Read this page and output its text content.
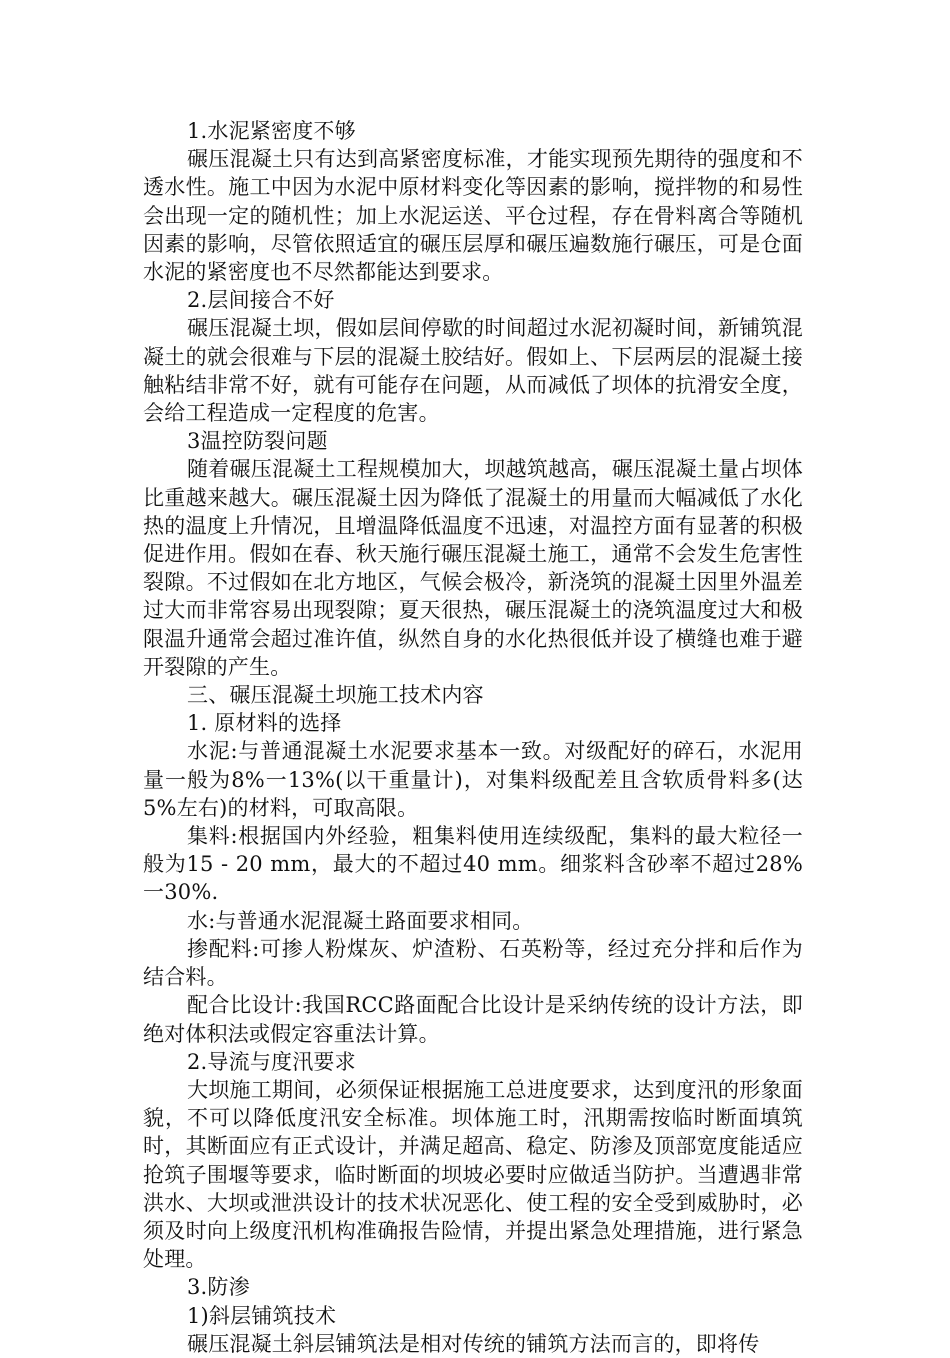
1.水泥紧密度不够

碾压混凝土只有达到高紧密度标准，才能实现预先期待的强度和不透水性。施工中因为水泥中原材料变化等因素的影响，搅拌物的和易性会出现一定的随机性；加上水泥运送、平仓过程，存在骨料离合等随机因素的影响，尽管依照适宜的碾压层厚和碾压遍数施行碾压，可是仓面水泥的紧密度也不尽然都能达到要求。

2.层间接合不好

碾压混凝土坝，假如层间停歇的时间超过水泥初凝时间，新铺筑混凝土的就会很难与下层的混凝土胶结好。假如上、下层两层的混凝土接触粘结非常不好，就有可能存在问题，从而减低了坝体的抗滑安全度，会给工程造成一定程度的危害。

3温控防裂问题

随着碾压混凝土工程规模加大，坝越筑越高，碾压混凝土量占坝体比重越来越大。碾压混凝土因为降低了混凝土的用量而大幅减低了水化热的温度上升情况，且增温降低温度不迅速，对温控方面有显著的积极促进作用。假如在春、秋天施行碾压混凝土施工，通常不会发生危害性裂隙。不过假如在北方地区，气候会极冷，新浇筑的混凝土因里外温差过大而非常容易出现裂隙；夏天很热，碾压混凝土的浇筑温度过大和极限温升通常会超过准许值，纵然自身的水化热很低并设了横缝也难于避开裂隙的产生。

三、碾压混凝土坝施工技术内容

1. 原材料的选择

水泥:与普通混凝土水泥要求基本一致。对级配好的碎石，水泥用量一般为8%一13%(以干重量计)，对集料级配差且含软质骨料多(达5%左右)的材料，可取高限。

集料:根据国内外经验，粗集料使用连续级配，集料的最大粒径一般为15 - 20 mm，最大的不超过40 mm。细浆料含砂率不超过28%一30%.

水:与普通水泥混凝土路面要求相同。

掺配料:可掺人粉煤灰、炉渣粉、石英粉等，经过充分拌和后作为结合料。

配合比设计:我国RCC路面配合比设计是采纳传统的设计方法，即绝对体积法或假定容重法计算。

2.导流与度汛要求

大坝施工期间，必须保证根据施工总进度要求，达到度汛的形象面貌，不可以降低度汛安全标准。坝体施工时，汛期需按临时断面填筑时，其断面应有正式设计，并满足超高、稳定、防渗及顶部宽度能适应抢筑子围堰等要求，临时断面的坝坡必要时应做适当防护。当遭遇非常洪水、大坝或泄洪设计的技术状况恶化、使工程的安全受到威胁时，必须及时向上级度汛机构准确报告险情，并提出紧急处理措施，进行紧急处理。

3.防渗

1)斜层铺筑技术

碾压混凝土斜层铺筑法是相对传统的铺筑方法而言的，即将传
